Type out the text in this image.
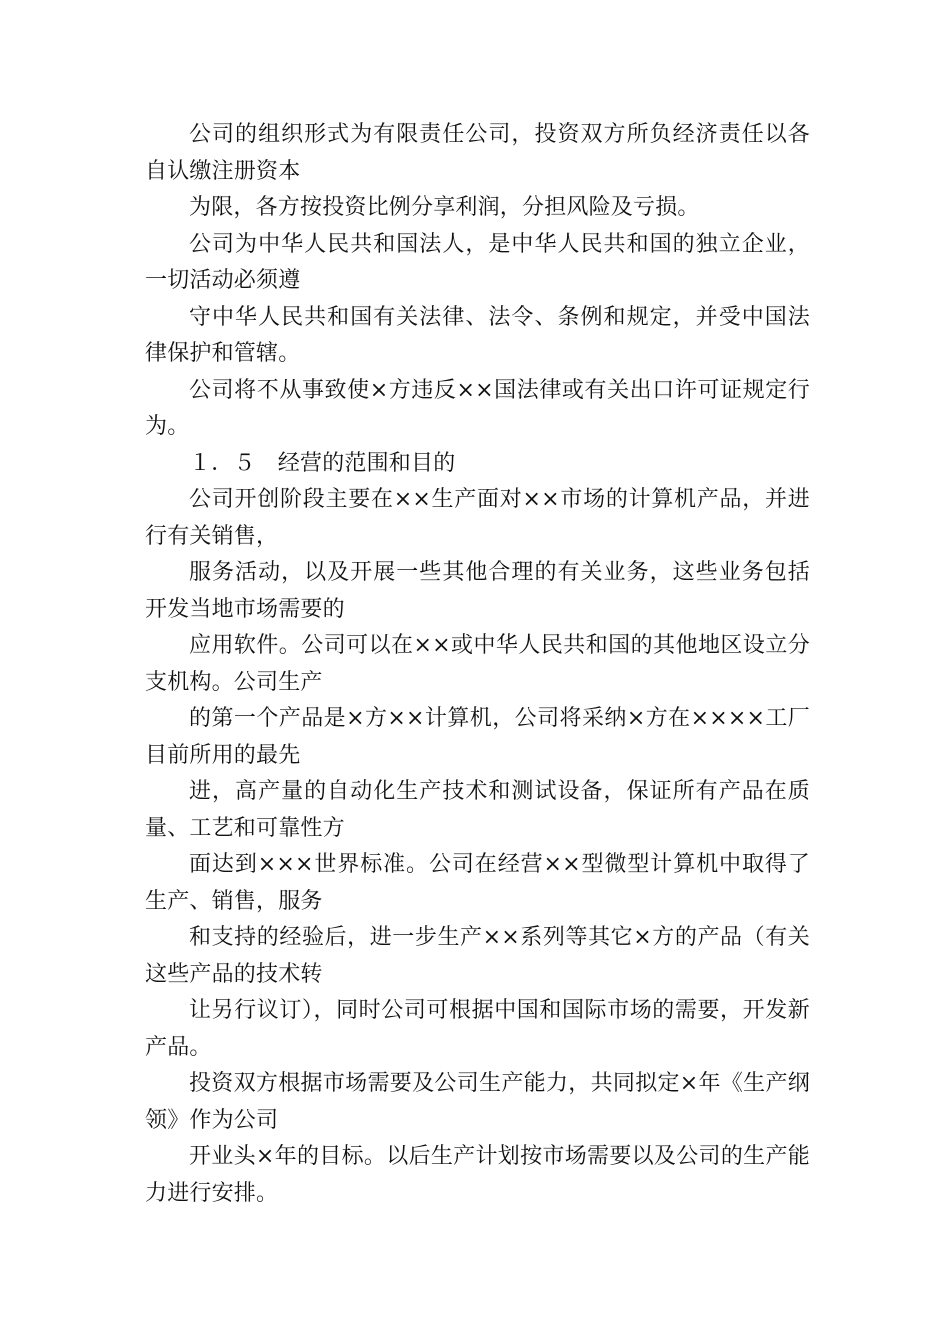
公司的组织形式为有限责任公司，投资双方所负经济责任以各自认缴注册资本

为限，各方按投资比例分享利润，分担风险及亏损。

公司为中华人民共和国法人，是中华人民共和国的独立企业，一切活动必须遵

守中华人民共和国有关法律、法令、条例和规定，并受中国法律保护和管辖。

公司将不从事致使×方违反××国法律或有关出口许可证规定行为。

１．５　经营的范围和目的

公司开创阶段主要在××生产面对××市场的计算机产品，并进行有关销售，

服务活动，以及开展一些其他合理的有关业务，这些业务包括开发当地市场需要的

应用软件。公司可以在××或中华人民共和国的其他地区设立分支机构。公司生产

的第一个产品是×方××计算机，公司将采纳×方在××××工厂目前所用的最先

进，高产量的自动化生产技术和测试设备，保证所有产品在质量、工艺和可靠性方

面达到×××世界标准。公司在经营××型微型计算机中取得了生产、销售，服务

和支持的经验后，进一步生产××系列等其它×方的产品（有关这些产品的技术转

让另行议订），同时公司可根据中国和国际市场的需要，开发新产品。

投资双方根据市场需要及公司生产能力，共同拟定×年《生产纲领》作为公司

开业头×年的目标。以后生产计划按市场需要以及公司的生产能力进行安排。
